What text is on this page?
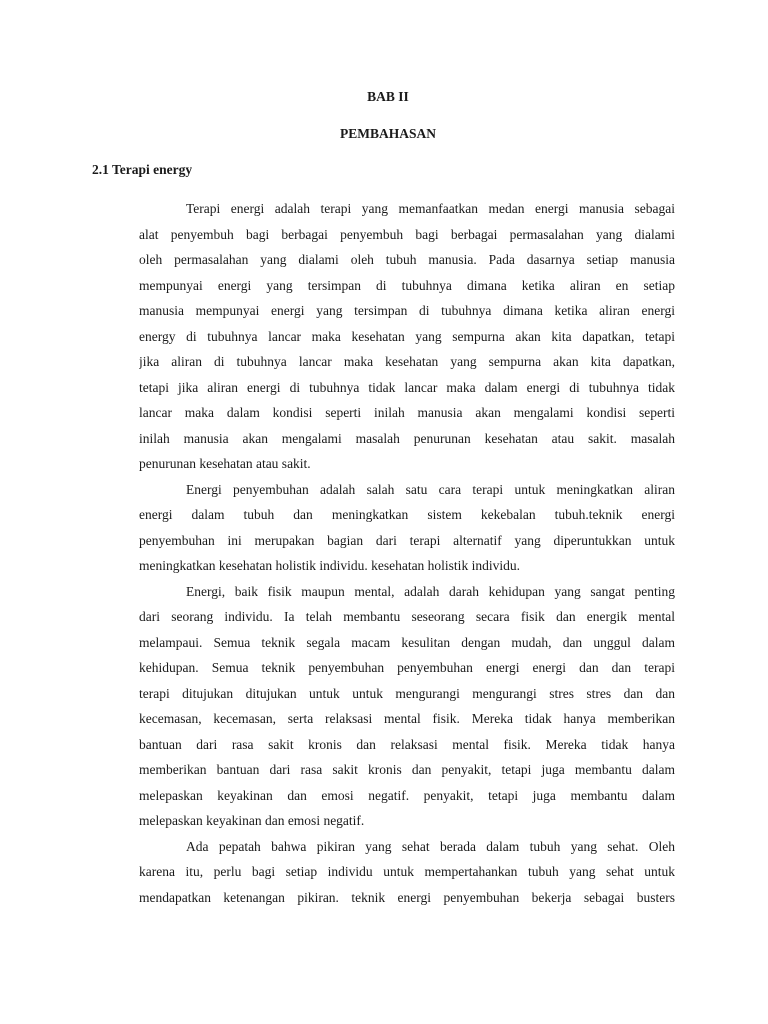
BAB II
PEMBAHASAN
2.1 Terapi energy
Terapi energi adalah terapi yang memanfaatkan medan energi manusia sebagai
alat penyembuh bagi berbagai penyembuh bagi berbagai permasalahan yang dialami
oleh permasalahan yang dialami oleh tubuh manusia. Pada dasarnya setiap manusia
mempunyai energi yang tersimpan di tubuhnya dimana ketika aliran en setiap
manusia mempunyai energi yang tersimpan di tubuhnya dimana ketika aliran energi
energy di tubuhnya lancar maka kesehatan yang sempurna akan kita dapatkan, tetapi
jika aliran di tubuhnya lancar maka kesehatan yang sempurna akan kita dapatkan,
tetapi jika aliran energi di tubuhnya tidak lancar maka dalam energi di tubuhnya tidak
lancar maka dalam kondisi seperti inilah manusia akan mengalami kondisi seperti
inilah manusia akan mengalami masalah penurunan kesehatan atau sakit. masalah
penurunan kesehatan atau sakit.
Energi penyembuhan adalah salah satu cara terapi untuk meningkatkan aliran
energi dalam tubuh dan meningkatkan sistem kekebalan tubuh.teknik energi
penyembuhan ini merupakan bagian dari terapi alternatif yang diperuntukkan untuk
meningkatkan kesehatan holistik individu. kesehatan holistik individu.
Energi, baik fisik maupun mental, adalah darah kehidupan yang sangat penting
dari seorang individu. Ia telah membantu seseorang secara fisik dan energik mental
melampaui. Semua teknik segala macam kesulitan dengan mudah, dan unggul dalam
kehidupan. Semua teknik penyembuhan penyembuhan energi energi dan dan terapi
terapi ditujukan ditujukan untuk untuk mengurangi mengurangi stres stres dan dan
kecemasan, kecemasan, serta relaksasi mental fisik. Mereka tidak hanya memberikan
bantuan dari rasa sakit kronis dan relaksasi mental fisik. Mereka tidak hanya
memberikan bantuan dari rasa sakit kronis dan penyakit, tetapi juga membantu dalam
melepaskan keyakinan dan emosi negatif. penyakit, tetapi juga membantu dalam
melepaskan keyakinan dan emosi negatif.
Ada pepatah bahwa pikiran yang sehat berada dalam tubuh yang sehat. Oleh
karena itu, perlu bagi setiap individu untuk mempertahankan tubuh yang sehat untuk
mendapatkan ketenangan pikiran. teknik energi penyembuhan bekerja sebagai busters
